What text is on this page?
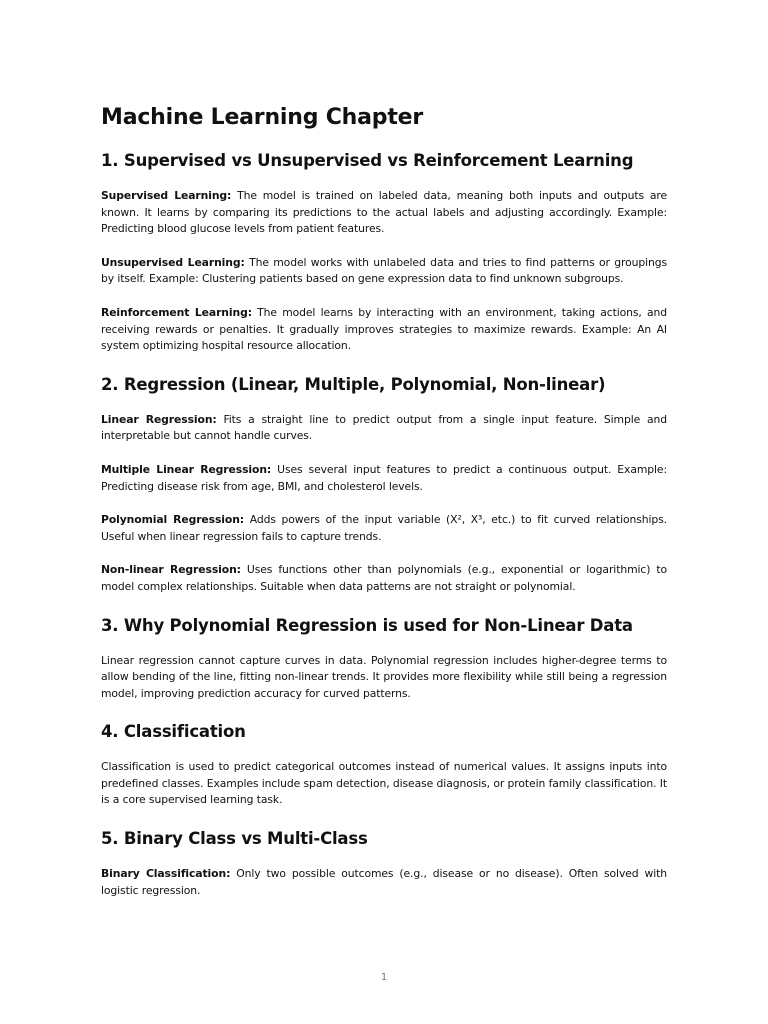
Machine Learning Chapter
1. Supervised vs Unsupervised vs Reinforcement Learning

Supervised Learning: The model is trained on labeled data, meaning both inputs and outputs are known. It learns by comparing its predictions to the actual labels and adjusting accordingly. Example: Predicting blood glucose levels from patient features.

Unsupervised Learning: The model works with unlabeled data and tries to find patterns or groupings by itself. Example: Clustering patients based on gene expression data to find unknown subgroups.

Reinforcement Learning: The model learns by interacting with an environment, taking actions, and receiving rewards or penalties. It gradually improves strategies to maximize rewards. Example: An AI system optimizing hospital resource allocation.

2. Regression (Linear, Multiple, Polynomial, Non-linear)

Linear Regression: Fits a straight line to predict output from a single input feature. Simple and interpretable but cannot handle curves.

Multiple Linear Regression: Uses several input features to predict a continuous output. Example: Predicting disease risk from age, BMI, and cholesterol levels.

Polynomial Regression: Adds powers of the input variable (X², X³, etc.) to fit curved relationships. Useful when linear regression fails to capture trends.

Non-linear Regression: Uses functions other than polynomials (e.g., exponential or logarithmic) to model complex relationships. Suitable when data patterns are not straight or polynomial.

3. Why Polynomial Regression is used for Non-Linear Data

Linear regression cannot capture curves in data. Polynomial regression includes higher-degree terms to allow bending of the line, fitting non-linear trends. It provides more flexibility while still being a regression model, improving prediction accuracy for curved patterns.

4. Classification

Classification is used to predict categorical outcomes instead of numerical values. It assigns inputs into predefined classes. Examples include spam detection, disease diagnosis, or protein family classification. It is a core supervised learning task.

5. Binary Class vs Multi-Class

Binary Classification: Only two possible outcomes (e.g., disease or no disease). Often solved with logistic regression.

1
